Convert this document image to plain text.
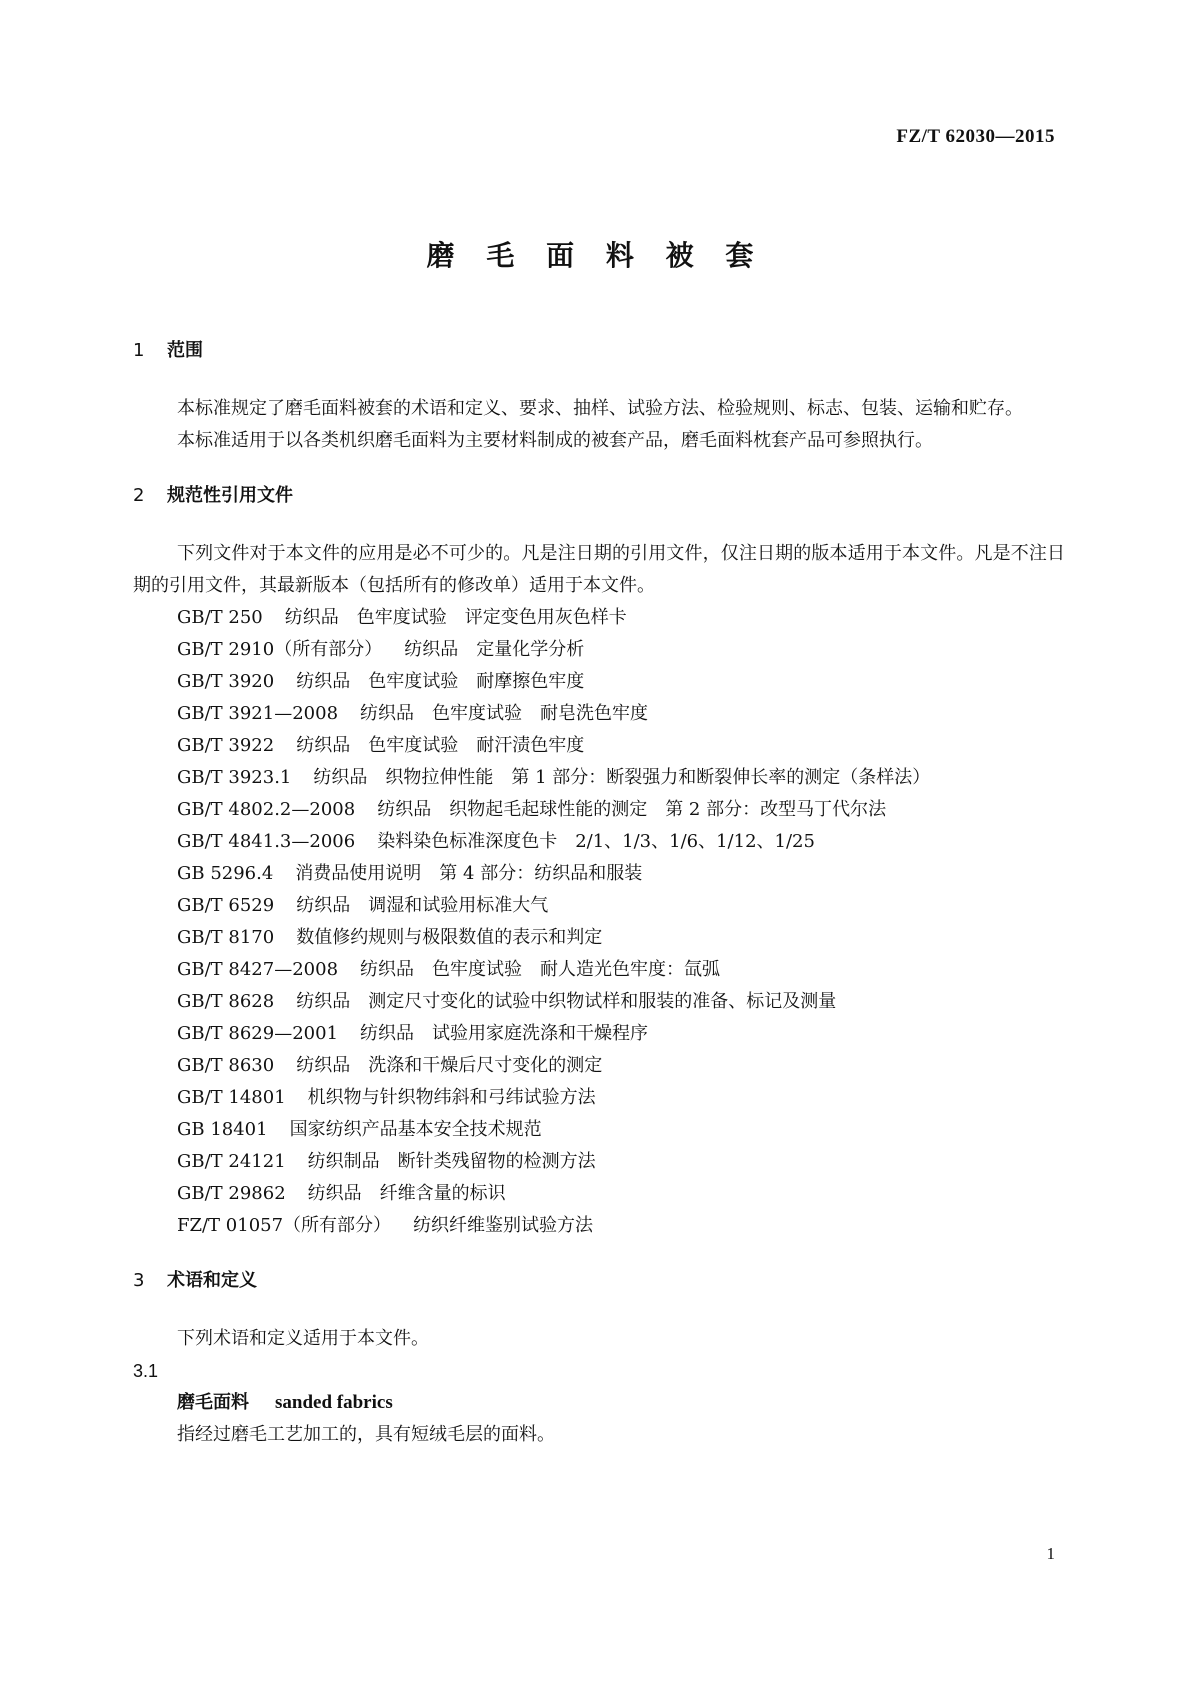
FZ/T 62030—2015
磨 毛 面 料 被 套
1 范围

本标准规定了磨毛面料被套的术语和定义、要求、抽样、试验方法、检验规则、标志、包装、运输和贮存。

本标准适用于以各类机织磨毛面料为主要材料制成的被套产品，磨毛面料枕套产品可参照执行。

2 规范性引用文件

下列文件对于本文件的应用是必不可少的。凡是注日期的引用文件，仅注日期的版本适用于本文件。凡是不注日期的引用文件，其最新版本（包括所有的修改单）适用于本文件。

GB/T 250 纺织品　色牢度试验　评定变色用灰色样卡
GB/T 2910（所有部分） 纺织品　定量化学分析
GB/T 3920 纺织品　色牢度试验　耐摩擦色牢度
GB/T 3921—2008 纺织品　色牢度试验　耐皂洗色牢度
GB/T 3922 纺织品　色牢度试验　耐汗渍色牢度
GB/T 3923.1 纺织品　织物拉伸性能　第 1 部分：断裂强力和断裂伸长率的测定（条样法）
GB/T 4802.2—2008 纺织品　织物起毛起球性能的测定　第 2 部分：改型马丁代尔法
GB/T 4841.3—2006 染料染色标准深度色卡　2/1、1/3、1/6、1/12、1/25
GB 5296.4 消费品使用说明　第 4 部分：纺织品和服装
GB/T 6529 纺织品　调湿和试验用标准大气
GB/T 8170 数值修约规则与极限数值的表示和判定
GB/T 8427—2008 纺织品　色牢度试验　耐人造光色牢度：氙弧
GB/T 8628 纺织品　测定尺寸变化的试验中织物试样和服装的准备、标记及测量
GB/T 8629—2001 纺织品　试验用家庭洗涤和干燥程序
GB/T 8630 纺织品　洗涤和干燥后尺寸变化的测定
GB/T 14801 机织物与针织物纬斜和弓纬试验方法
GB 18401 国家纺织产品基本安全技术规范
GB/T 24121 纺织制品　断针类残留物的检测方法
GB/T 29862 纺织品　纤维含量的标识
FZ/T 01057（所有部分） 纺织纤维鉴别试验方法
3 术语和定义

下列术语和定义适用于本文件。

3.1
磨毛面料 sanded fabrics

指经过磨毛工艺加工的，具有短绒毛层的面料。

1
